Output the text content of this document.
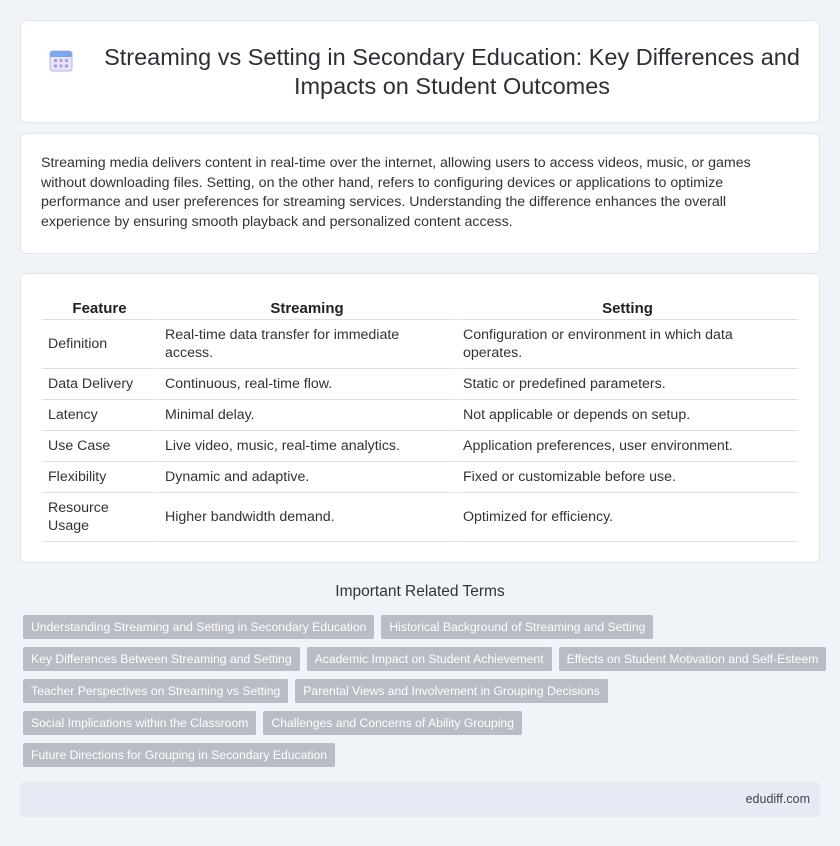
Streaming vs Setting in Secondary Education: Key Differences and Impacts on Student Outcomes

Streaming media delivers content in real-time over the internet, allowing users to access videos, music, or games without downloading files. Setting, on the other hand, refers to configuring devices or applications to optimize performance and user preferences for streaming services. Understanding the difference enhances the overall experience by ensuring smooth playback and personalized content access.

Feature	Streaming	Setting
Definition	Real-time data transfer for immediate access.	Configuration or environment in which data operates.
Data Delivery	Continuous, real-time flow.	Static or predefined parameters.
Latency	Minimal delay.	Not applicable or depends on setup.
Use Case	Live video, music, real-time analytics.	Application preferences, user environment.
Flexibility	Dynamic and adaptive.	Fixed or customizable before use.
Resource Usage	Higher bandwidth demand.	Optimized for efficiency.
Important Related Terms
Understanding Streaming and Setting in Secondary Education	Historical Background of Streaming and Setting
Key Differences Between Streaming and Setting	Academic Impact on Student Achievement	Effects on Student Motivation and Self-Esteem
Teacher Perspectives on Streaming vs Setting	Parental Views and Involvement in Grouping Decisions
Social Implications within the Classroom	Challenges and Concerns of Ability Grouping
Future Directions for Grouping in Secondary Education
edudiff.com
